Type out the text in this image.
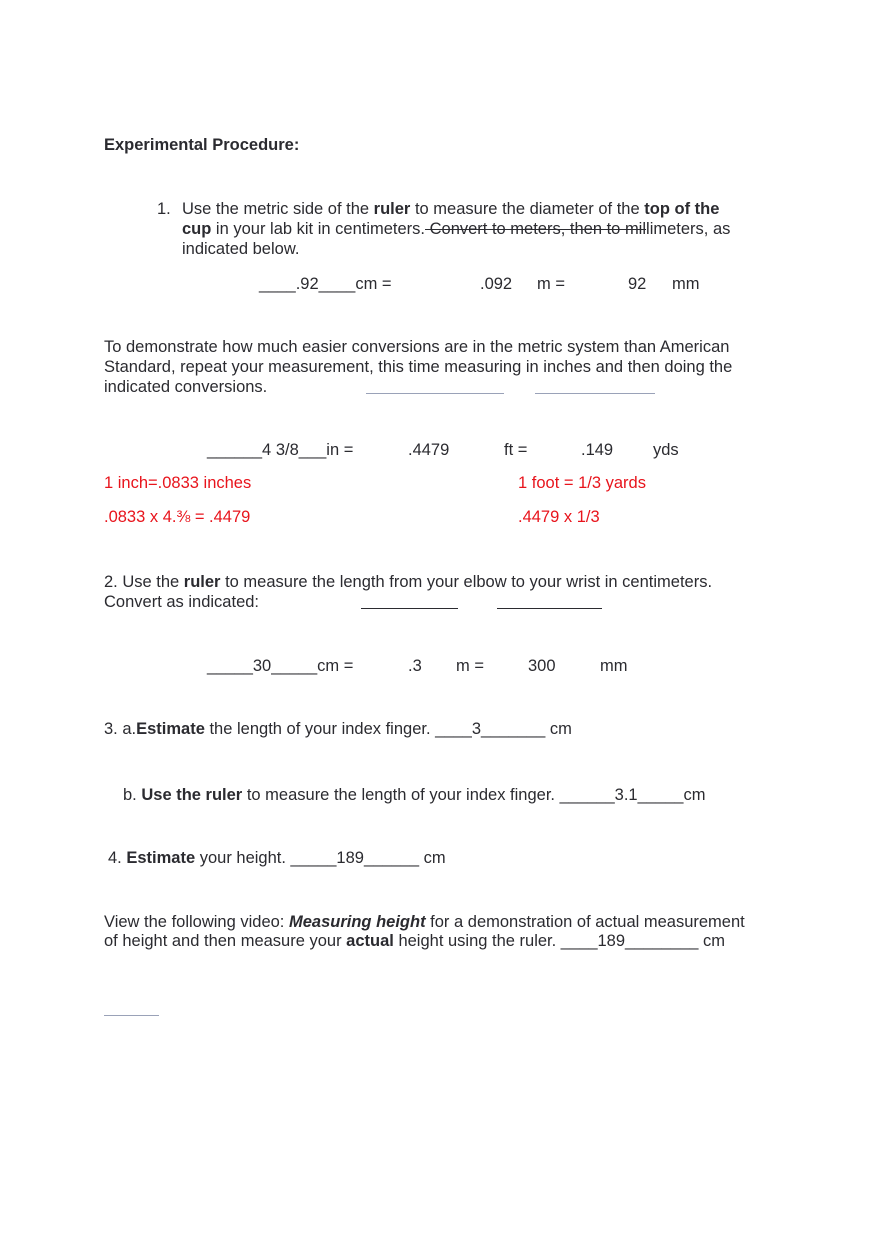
Experimental Procedure:
1. Use the metric side of the ruler to measure the diameter of the top of the
cup in your lab kit in centimeters. Convert to meters, then to millimeters, as
indicated below.
____.92____cm =	.092 m =	92 mm
To demonstrate how much easier conversions are in the metric system than American
Standard, repeat your measurement, this time measuring in inches and then doing the
indicated conversions.
______4 3/8___in =	.4479	ft =	.149 yds
1 inch=.0833 inches	1 foot = 1/3 yards
.0833 x 4.⅜ = .4479	.4479 x 1/3
2. Use the ruler to measure the length from your elbow to your wrist in centimeters.
Convert as indicated:
_____30_____cm =	.3 m =	300	mm
3. a.Estimate the length of your index finger. ____3_______ cm
b. Use the ruler to measure the length of your index finger. ______3.1_____cm
4. Estimate your height. _____189______ cm
View the following video: Measuring height for a demonstration of actual measurement
of height and then measure your actual height using the ruler. ____189________ cm
